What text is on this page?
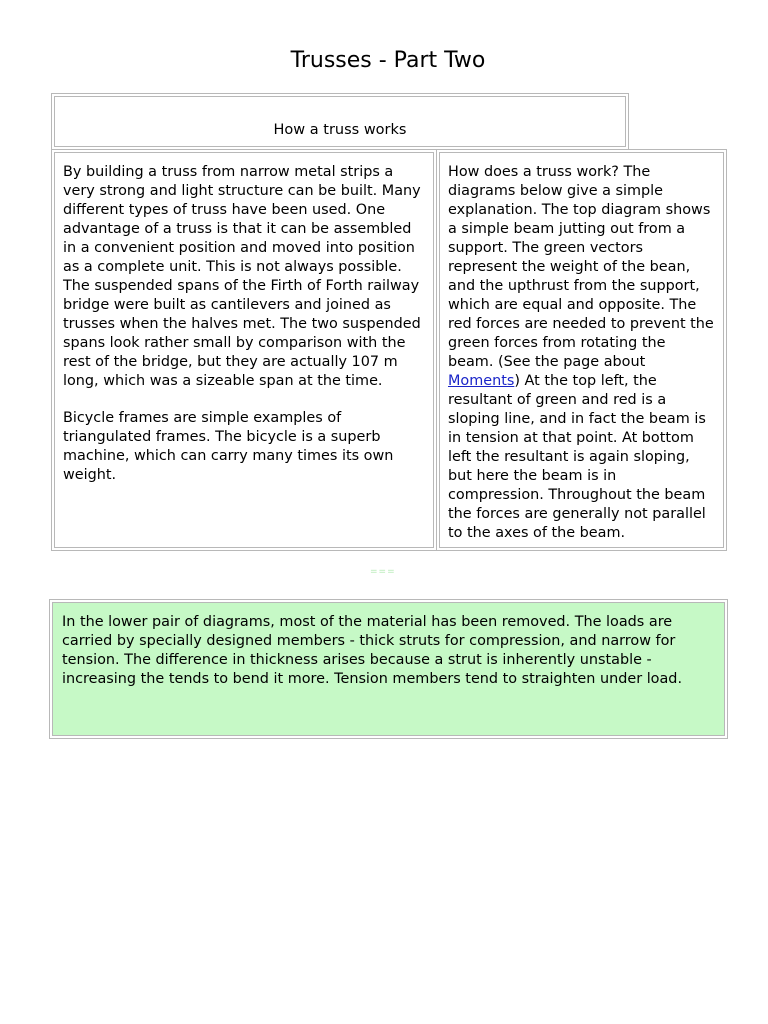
Trusses - Part Two
How a truss works

By building a truss from narrow metal strips a very strong and light structure can be built. Many different types of truss have been used. One advantage of a truss is that it can be assembled in a convenient position and moved into position as a complete unit. This is not always possible. The suspended spans of the Firth of Forth railway bridge were built as cantilevers and joined as trusses when the halves met. The two suspended spans look rather small by comparison with the rest of the bridge, but they are actually 107 m long, which was a sizeable span at the time.

Bicycle frames are simple examples of triangulated frames. The bicycle is a superb machine, which can carry many times its own weight.

How does a truss work? The diagrams below give a simple explanation. The top diagram shows a simple beam jutting out from a support. The green vectors represent the weight of the bean, and the upthrust from the support, which are equal and opposite. The red forces are needed to prevent the green forces from rotating the beam. (See the page about Moments) At the top left, the resultant of green and red is a sloping line, and in fact the beam is in tension at that point. At bottom left the resultant is again sloping, but here the beam is in compression. Throughout the beam the forces are generally not parallel to the axes of the beam.
===
In the lower pair of diagrams, most of the material has been removed. The loads are carried by specially designed members - thick struts for compression, and narrow for tension. The difference in thickness arises because a strut is inherently unstable - increasing the tends to bend it more. Tension members tend to straighten under load.
